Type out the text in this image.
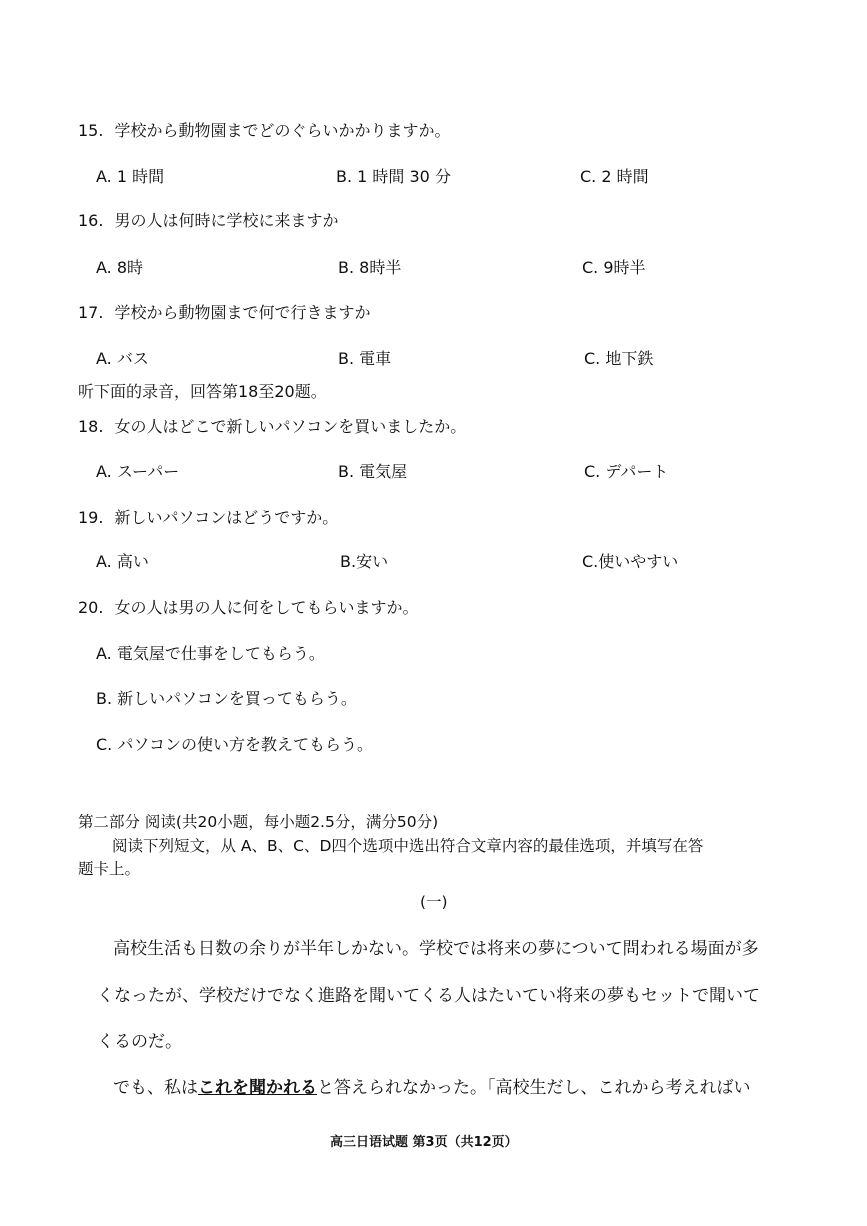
15. 学校から動物園までどのぐらいかかりますか。
A. 1 時間	B. 1 時間 30 分	C. 2 時間
16. 男の人は何時に学校に来ますか
A. 8時	B. 8時半	C. 9時半
17. 学校から動物園まで何で行きますか
A. バス	B. 電車	C. 地下鉄
听下面的录音，回答第18至20题。
18. 女の人はどこで新しいパソコンを買いましたか。
A. スーパー	B. 電気屋	C. デパート
19. 新しいパソコンはどうですか。
A. 高い	B.安い	C.使いやすい
20. 女の人は男の人に何をしてもらいますか。
A. 電気屋で仕事をしてもらう。
B. 新しいパソコンを買ってもらう。
C. パソコンの使い方を教えてもらう。
第二部分 阅读(共20小题，每小题2.5分，满分50分)
阅读下列短文，从 A、B、C、D四个选项中选出符合文章内容的最佳选项，并填写在答
题卡上。
(一)
高校生活も日数の余りが半年しかない。学校では将来の夢について問われる場面が多
くなったが、学校だけでなく進路を聞いてくる人はたいてい将来の夢もセットで聞いて
くるのだ。
でも、私はこれを聞かれると答えられなかった。「高校生だし、これから考えればい
高三日语试题 第3页（共12页）
